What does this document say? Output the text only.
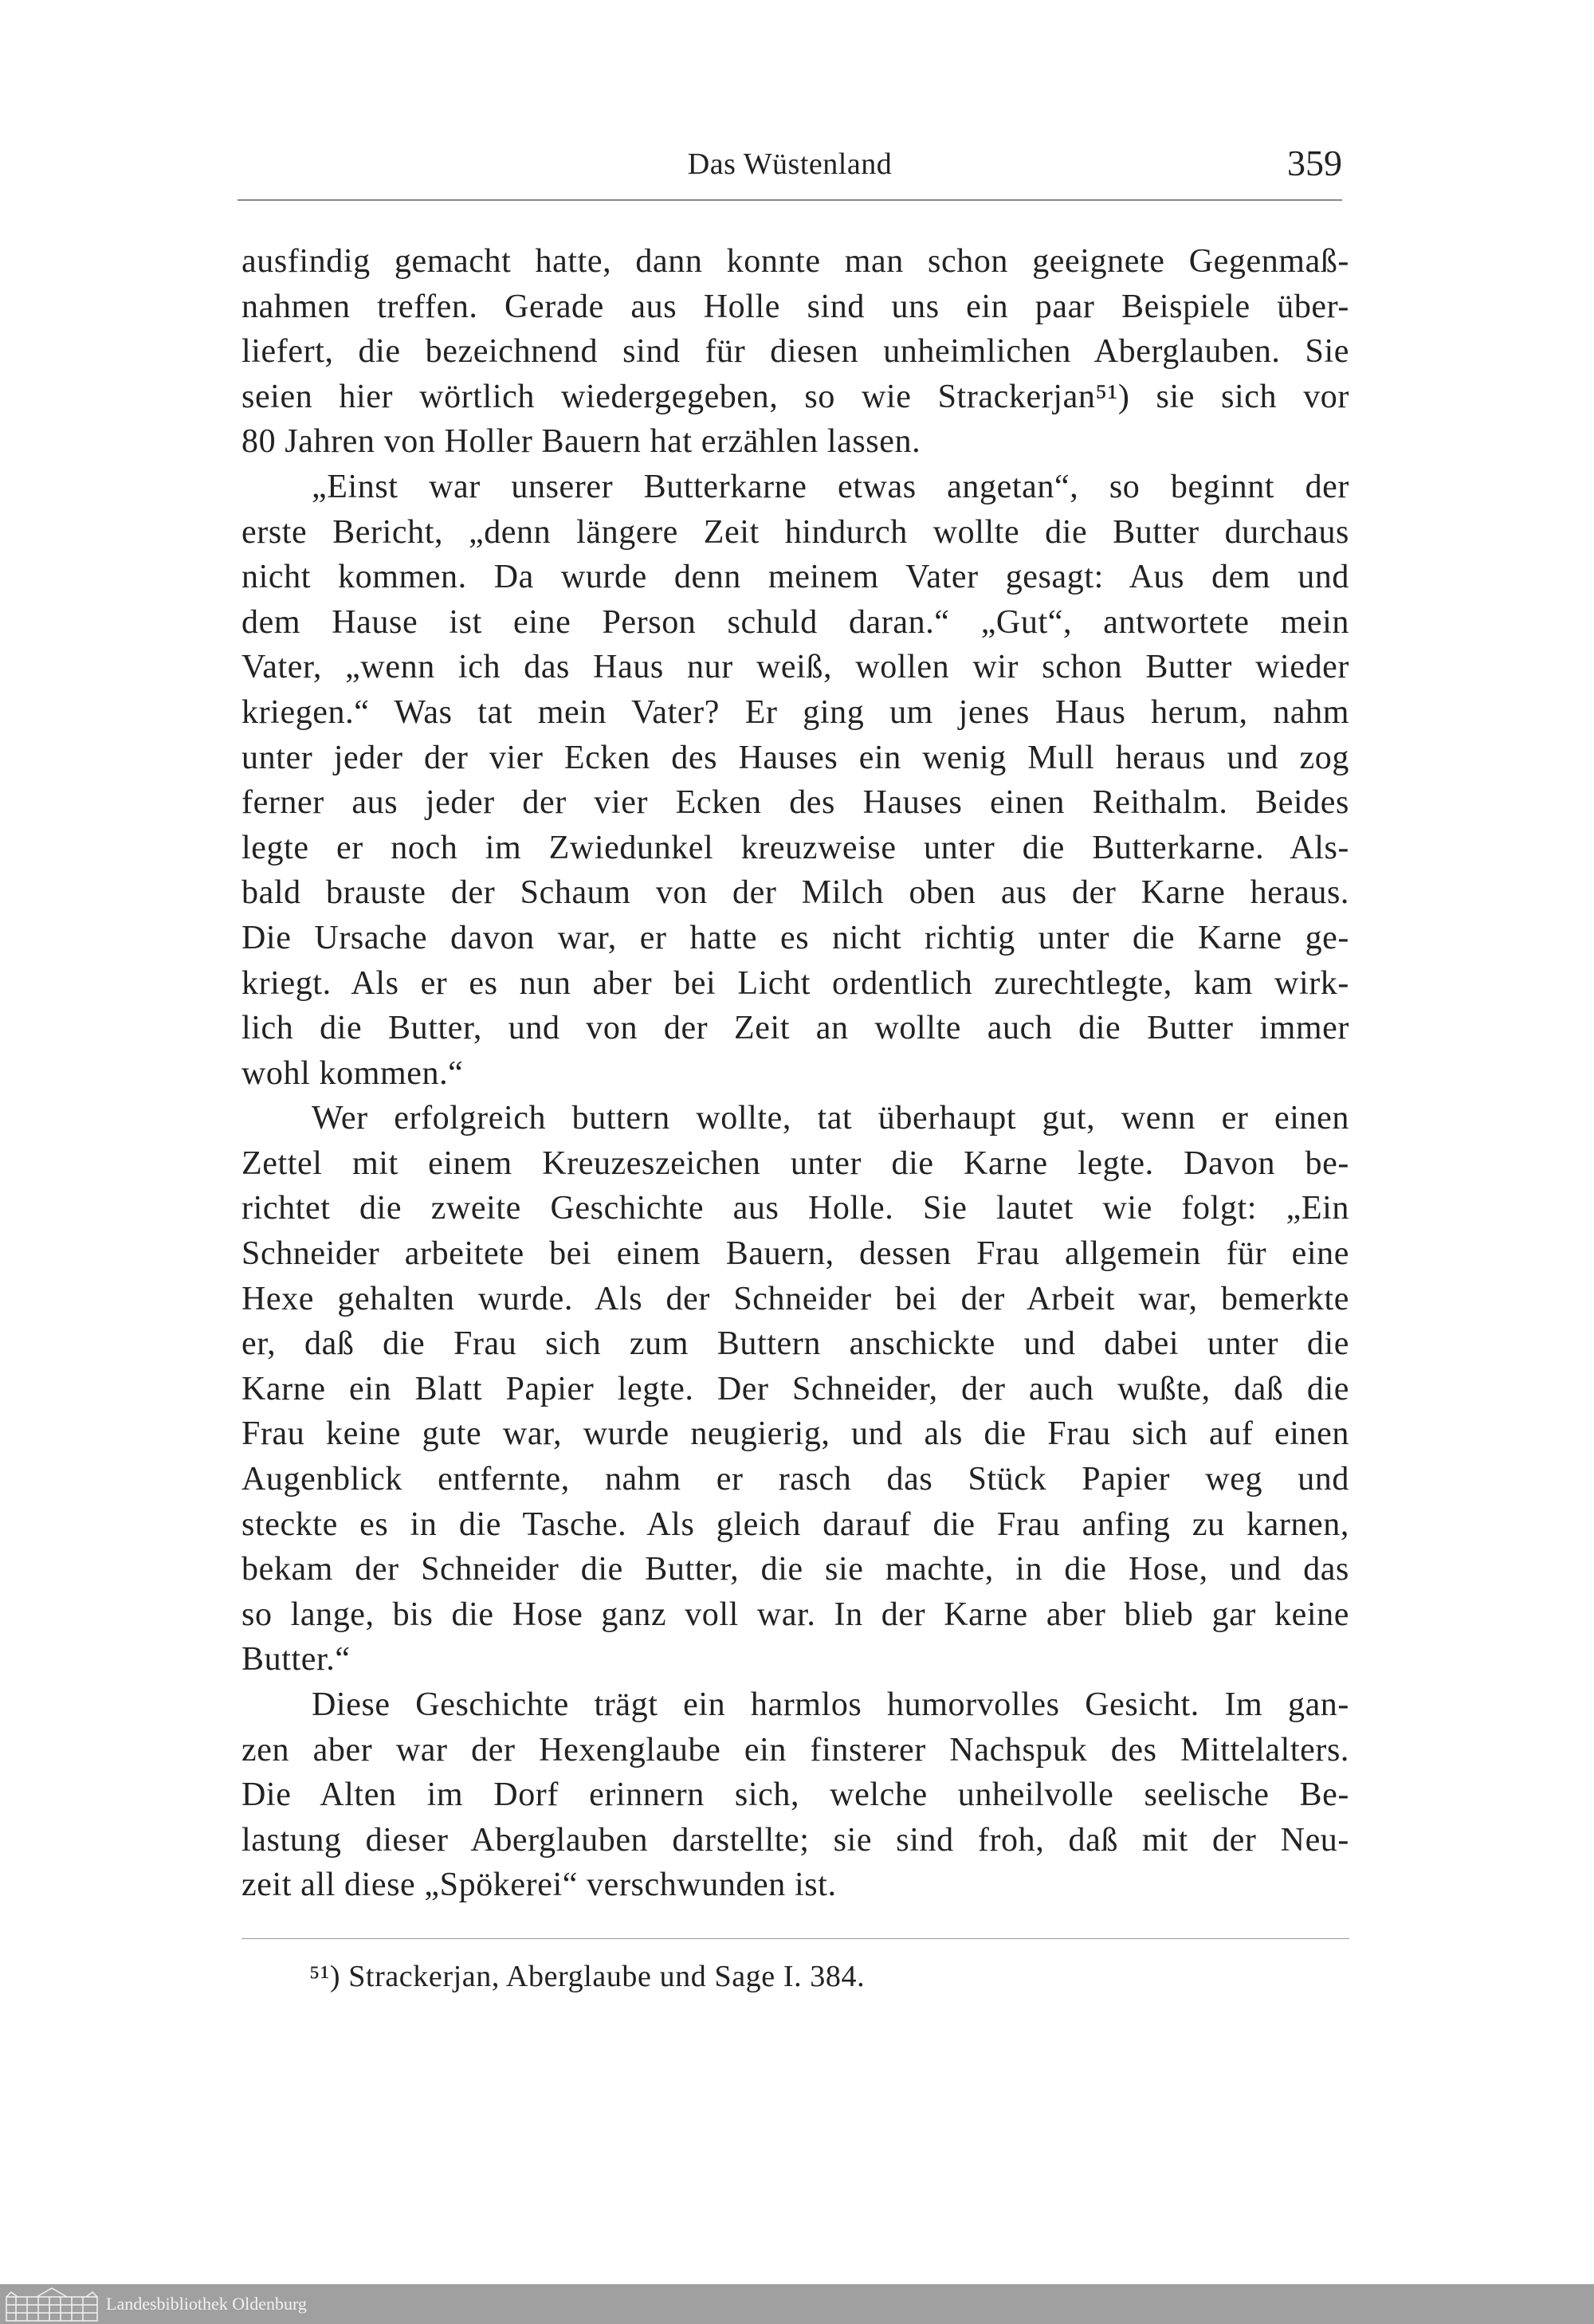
Das Wüstenland	359
ausfindig gemacht hatte, dann konnte man schon geeignete Gegenmaß-
nahmen treffen. Gerade aus Holle sind uns ein paar Beispiele über-
liefert, die bezeichnend sind für diesen unheimlichen Aberglauben. Sie
seien hier wörtlich wiedergegeben, so wie Strackerjan⁵¹) sie sich vor
80 Jahren von Holler Bauern hat erzählen lassen.
„Einst war unserer Butterkarne etwas angetan“, so beginnt der
erste Bericht, „denn längere Zeit hindurch wollte die Butter durchaus
nicht kommen. Da wurde denn meinem Vater gesagt: Aus dem und
dem Hause ist eine Person schuld daran.“ „Gut“, antwortete mein
Vater, „wenn ich das Haus nur weiß, wollen wir schon Butter wieder
kriegen.“ Was tat mein Vater? Er ging um jenes Haus herum, nahm
unter jeder der vier Ecken des Hauses ein wenig Mull heraus und zog
ferner aus jeder der vier Ecken des Hauses einen Reithalm. Beides
legte er noch im Zwiedunkel kreuzweise unter die Butterkarne. Als-
bald brauste der Schaum von der Milch oben aus der Karne heraus.
Die Ursache davon war, er hatte es nicht richtig unter die Karne ge-
kriegt. Als er es nun aber bei Licht ordentlich zurechtlegte, kam wirk-
lich die Butter, und von der Zeit an wollte auch die Butter immer
wohl kommen.“
Wer erfolgreich buttern wollte, tat überhaupt gut, wenn er einen
Zettel mit einem Kreuzeszeichen unter die Karne legte. Davon be-
richtet die zweite Geschichte aus Holle. Sie lautet wie folgt: „Ein
Schneider arbeitete bei einem Bauern, dessen Frau allgemein für eine
Hexe gehalten wurde. Als der Schneider bei der Arbeit war, bemerkte
er, daß die Frau sich zum Buttern anschickte und dabei unter die
Karne ein Blatt Papier legte. Der Schneider, der auch wußte, daß die
Frau keine gute war, wurde neugierig, und als die Frau sich auf einen
Augenblick entfernte, nahm er rasch das Stück Papier weg und
steckte es in die Tasche. Als gleich darauf die Frau anfing zu karnen,
bekam der Schneider die Butter, die sie machte, in die Hose, und das
so lange, bis die Hose ganz voll war. In der Karne aber blieb gar keine
Butter.“
Diese Geschichte trägt ein harmlos humorvolles Gesicht. Im gan-
zen aber war der Hexenglaube ein finsterer Nachspuk des Mittelalters.
Die Alten im Dorf erinnern sich, welche unheilvolle seelische Be-
lastung dieser Aberglauben darstellte; sie sind froh, daß mit der Neu-
zeit all diese „Spökerei“ verschwunden ist.
⁵¹) Strackerjan, Aberglaube und Sage I. 384.
Landesbibliothek Oldenburg
